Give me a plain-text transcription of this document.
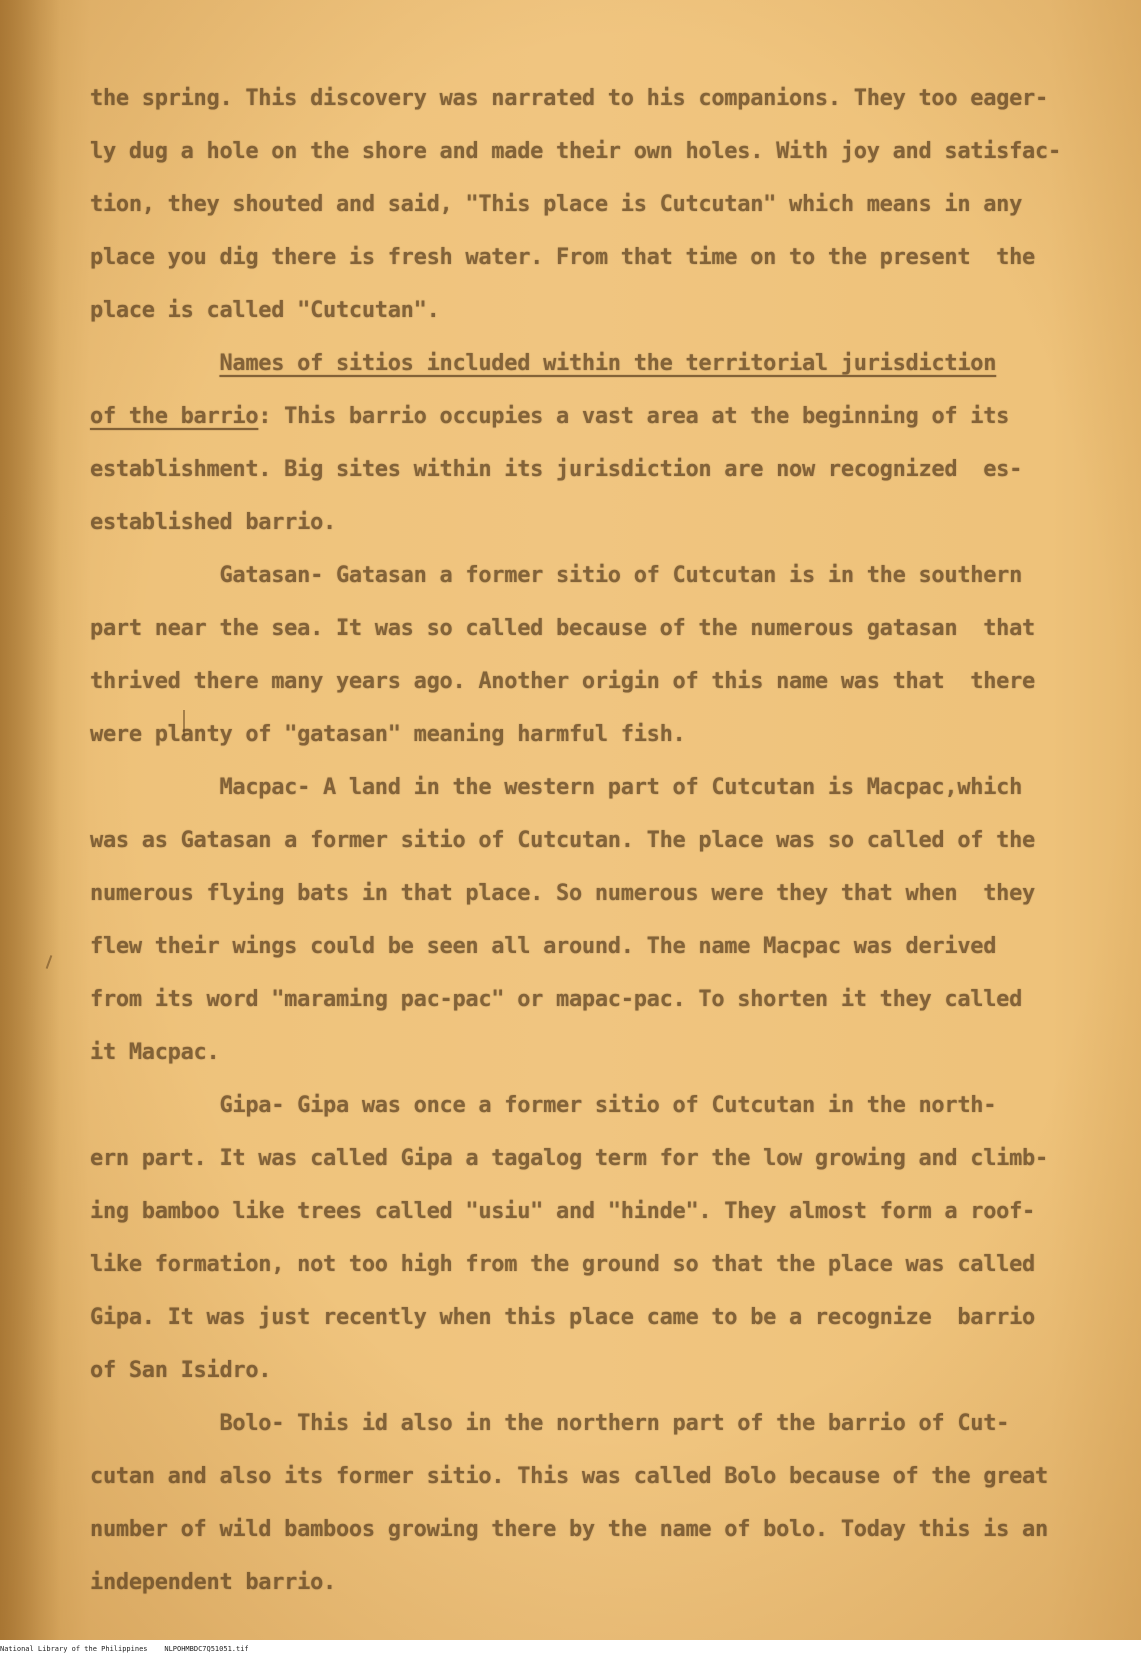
the spring. This discovery was narrated to his companions. They too eager-
ly dug a hole on the shore and made their own holes. With joy and satisfac-
tion, they shouted and said, "This place is Cutcutan" which means in any
place you dig there is fresh water. From that time on to the present  the
place is called "Cutcutan".
Names of sitios included within the territorial jurisdiction
of the barrio: This barrio occupies a vast area at the beginning of its
establishment. Big sites within its jurisdiction are now recognized  es-
established barrio.
Gatasan- Gatasan a former sitio of Cutcutan is in the southern
part near the sea. It was so called because of the numerous gatasan  that
thrived there many years ago. Another origin of this name was that  there
were planty of "gatasan" meaning harmful fish.
Macpac- A land in the western part of Cutcutan is Macpac,which
was as Gatasan a former sitio of Cutcutan. The place was so called of the
numerous flying bats in that place. So numerous were they that when  they
flew their wings could be seen all around. The name Macpac was derived
from its word "maraming pac-pac" or mapac-pac. To shorten it they called
it Macpac.
Gipa- Gipa was once a former sitio of Cutcutan in the north-
ern part. It was called Gipa a tagalog term for the low growing and climb-
ing bamboo like trees called "usiu" and "hinde". They almost form a roof-
like formation, not too high from the ground so that the place was called
Gipa. It was just recently when this place came to be a recognize  barrio
of San Isidro.
Bolo- This id also in the northern part of the barrio of Cut-
cutan and also its former sitio. This was called Bolo because of the great
number of wild bamboos growing there by the name of bolo. Today this is an
independent barrio.
National Library of the Philippines    NLPOHMBDC7Q51051.tif
